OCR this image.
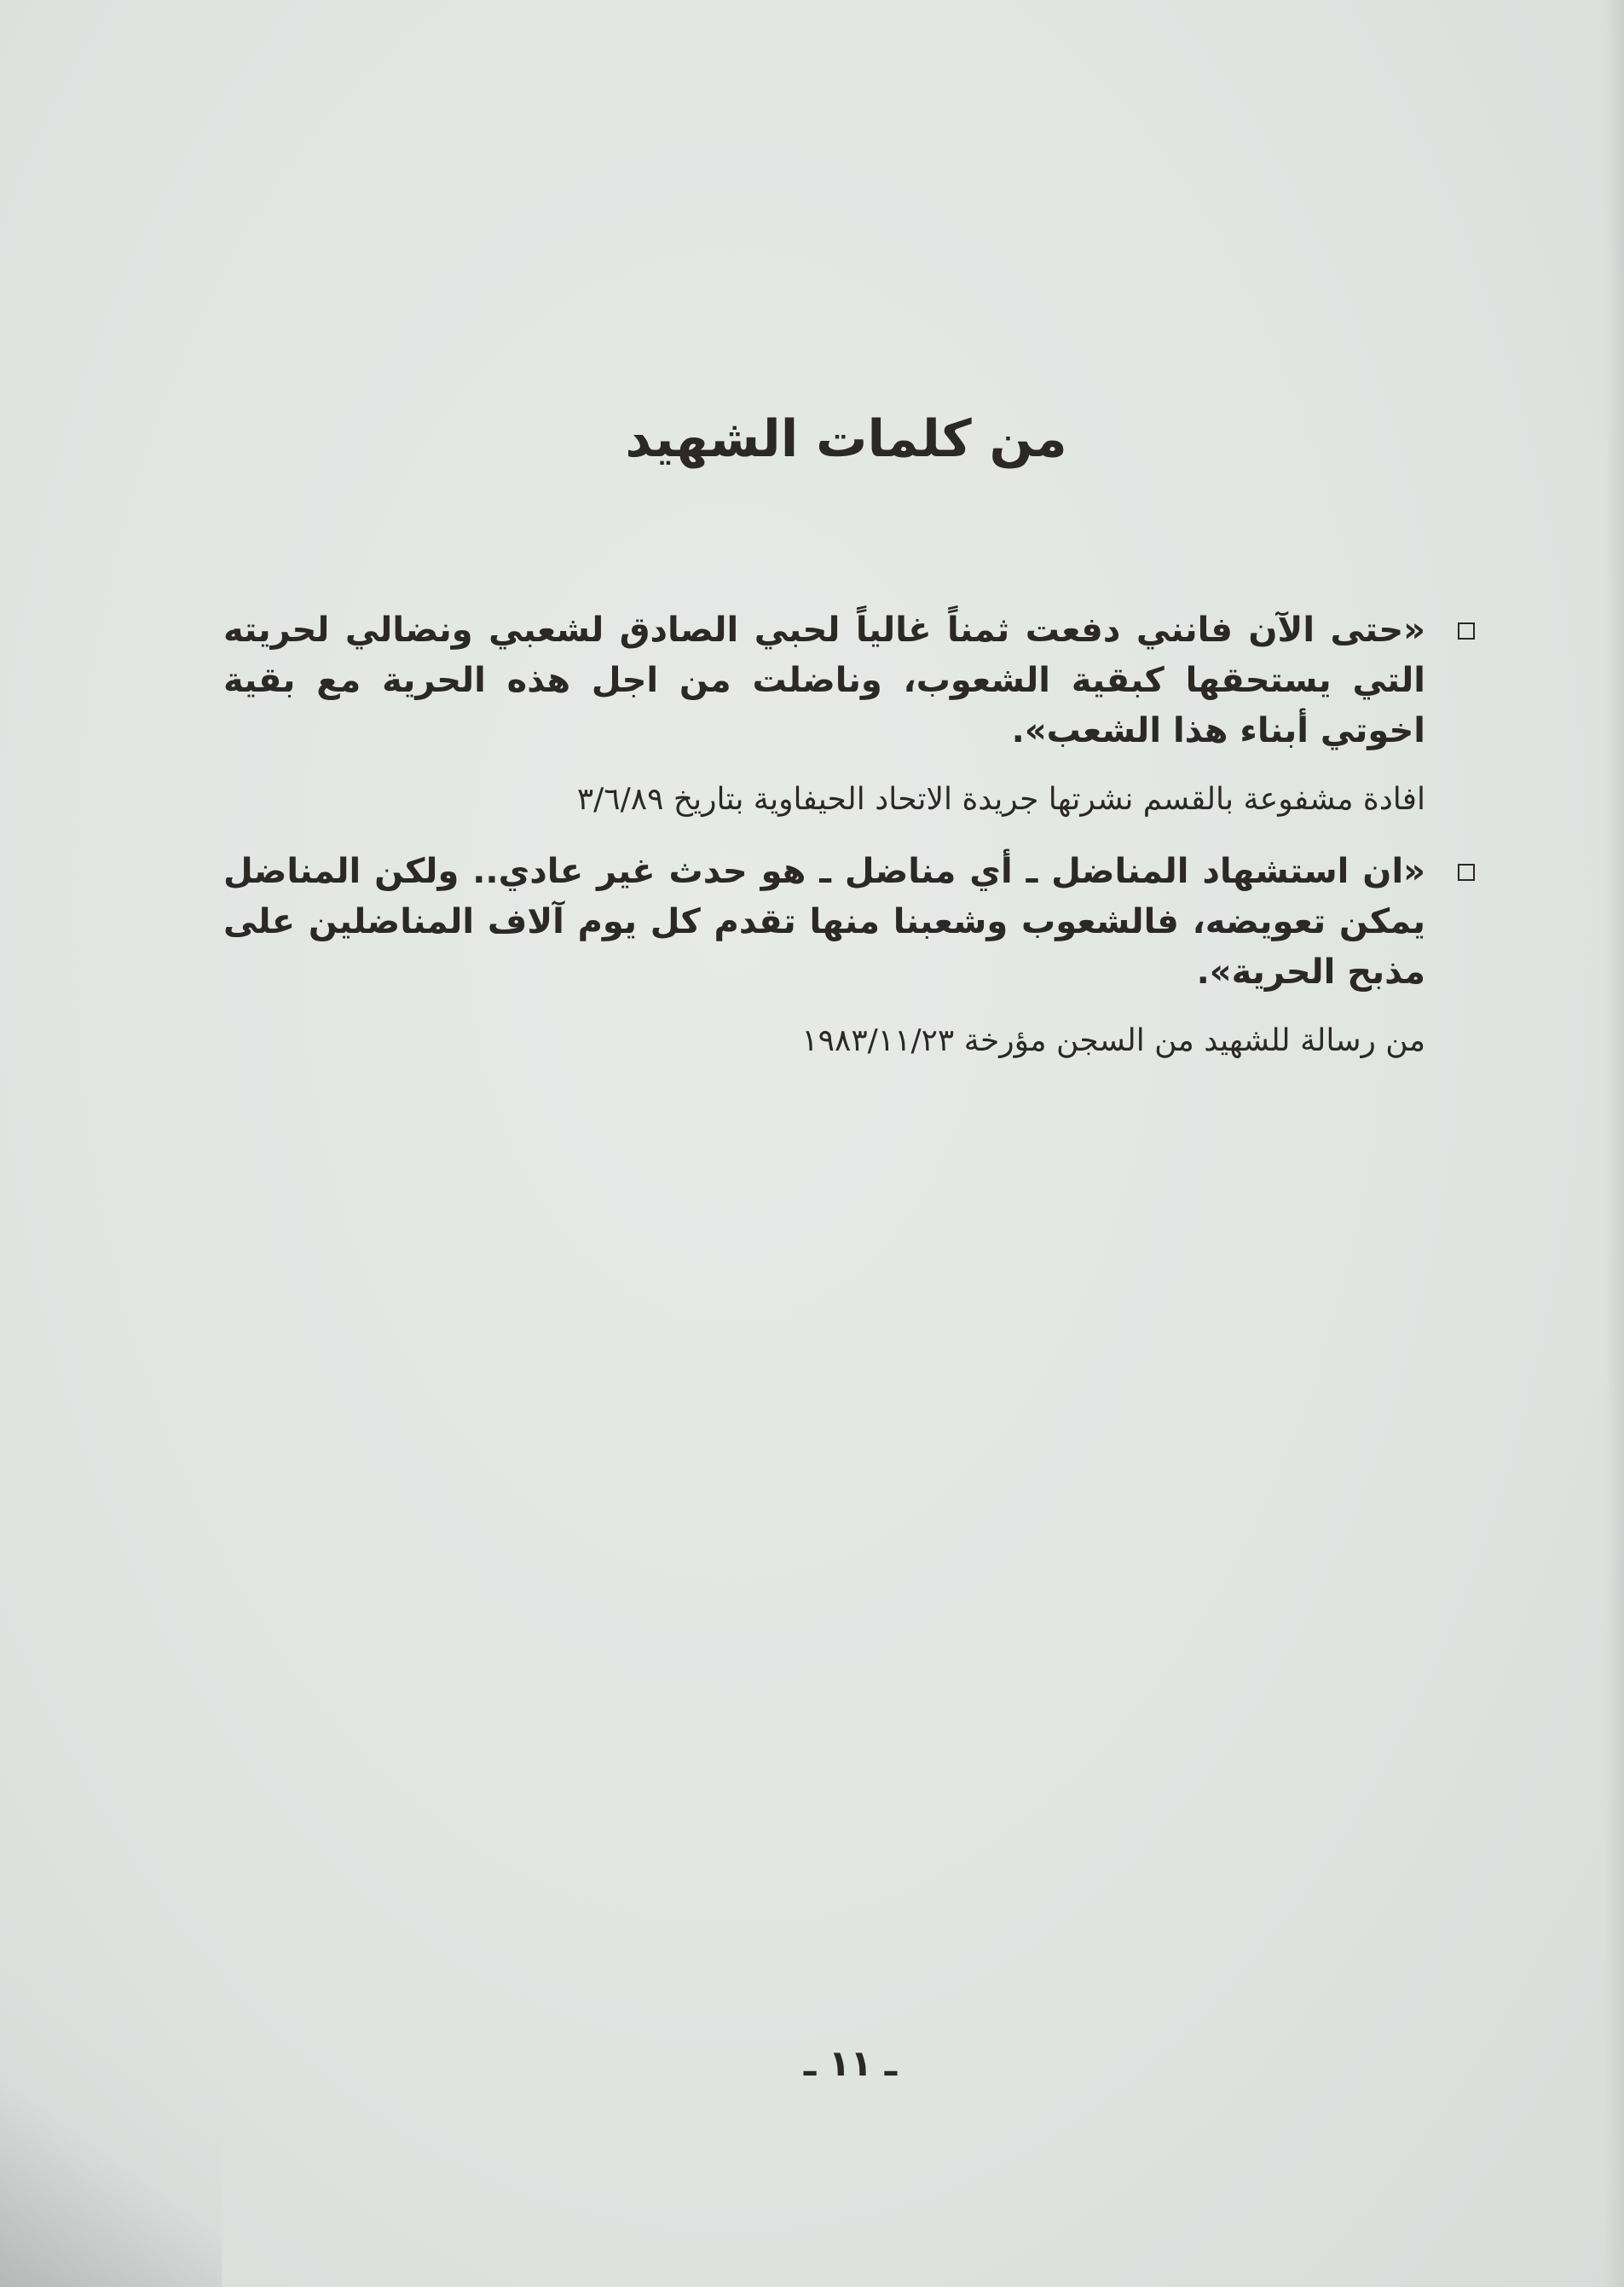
من كلمات الشهيد

«حتى الآن فانني دفعت ثمناً غالياً لحبي الصادق لشعبي ونضالي لحريته التي يستحقها كبقية الشعوب، وناضلت من اجل هذه الحرية مع بقية اخوتي أبناء هذا الشعب».

افادة مشفوعة بالقسم نشرتها جريدة الاتحاد الحيفاوية بتاريخ ٣/٦/٨٩

«ان استشهاد المناضل ـ أي مناضل ـ هو حدث غير عادي.. ولكن المناضل يمكن تعويضه، فالشعوب وشعبنا منها تقدم كل يوم آلاف المناضلين على مذبح الحرية».

من رسالة للشهيد من السجن مؤرخة ١٩٨٣/١١/٢٣

ـ ١١ ـ
